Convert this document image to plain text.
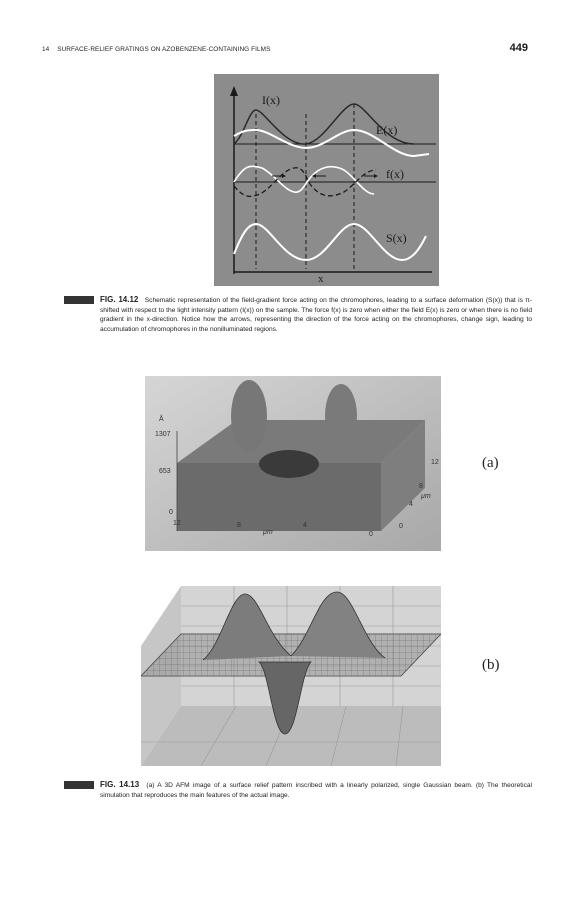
14 SURFACE-RELIEF GRATINGS ON AZOBENZENE-CONTAINING FILMS	449
I(x)
E(x)
f(x)
S(x)
x
FIG. 14.12 Schematic representation of the field-gradient force acting on the chromophores, leading to a surface deformation (S(x)) that is π-shifted with respect to the light intensity pattern (I(x)) on the sample. The force f(x) is zero when either the field E(x) is zero or when there is no field gradient in the x-direction. Notice how the arrows, representing the direction of the force acting on the chromophores, change sign, leading to accumulation of chromophores in the nonilluminated regions.
Å
1307
653
0
12	8	4
0
μm
12
8
4
0
μm
(a)
(b)
FIG. 14.13 (a) A 3D AFM image of a surface relief pattern inscribed with a linearly polarized, single Gaussian beam. (b) The theoretical simulation that reproduces the main features of the actual image.
